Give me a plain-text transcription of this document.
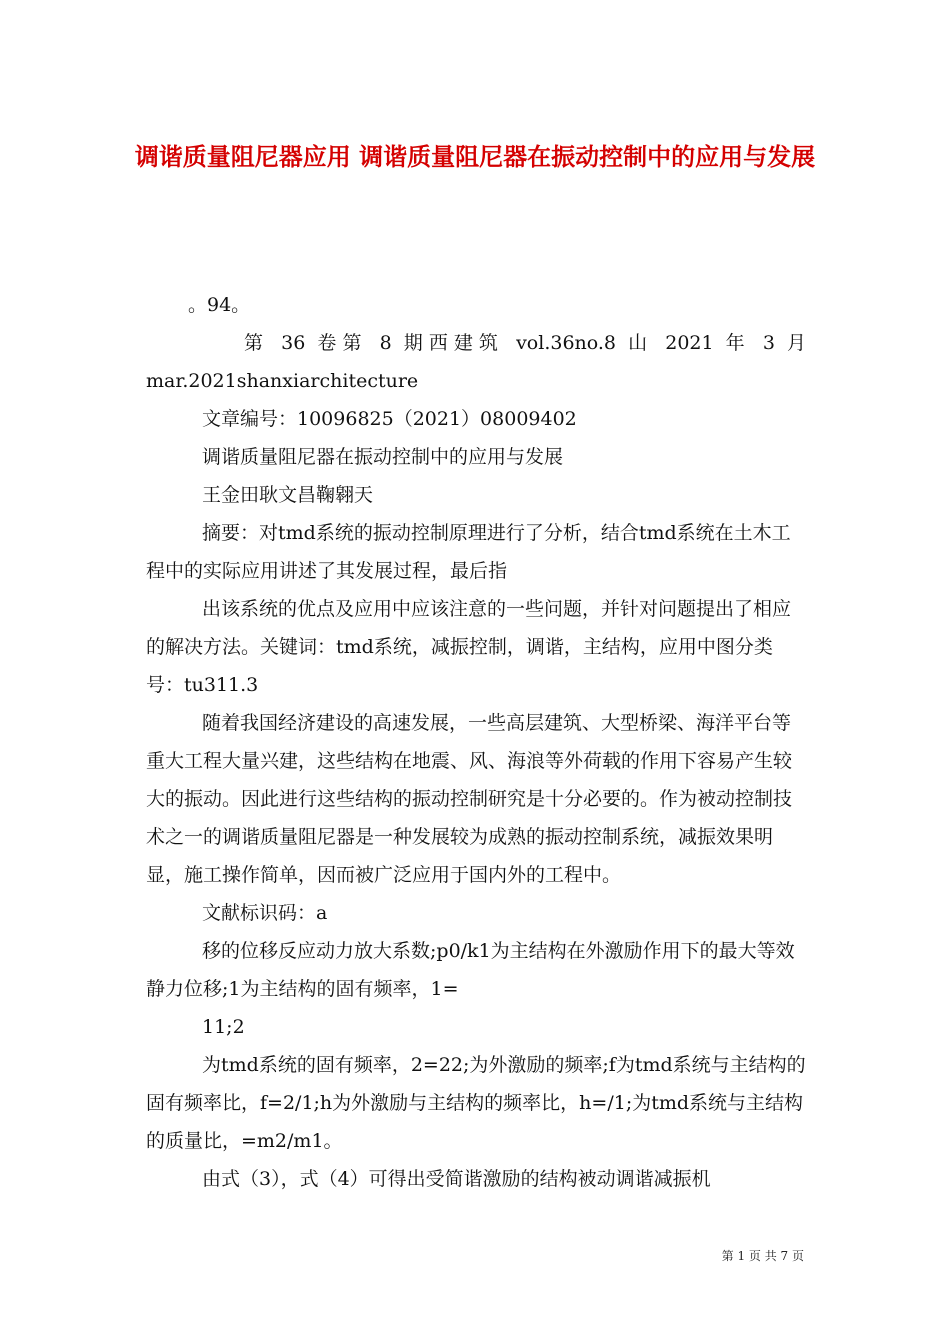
调谐质量阻尼器应用 调谐质量阻尼器在振动控制中的应用与发展

。94。

第 36 卷第 8 期西建筑 vol.36no.8 山 2021 年 3 月

mar.2021shanxiarchitecture

文章编号：10096825（2021）08009402

调谐质量阻尼器在振动控制中的应用与发展

王金田耿文昌鞠翱天

摘要：对tmd系统的振动控制原理进行了分析，结合tmd系统在土木工程中的实际应用讲述了其发展过程，最后指

出该系统的优点及应用中应该注意的一些问题，并针对问题提出了相应的解决方法。关键词：tmd系统，减振控制，调谐，主结构，应用中图分类号：tu311.3

随着我国经济建设的高速发展，一些高层建筑、大型桥梁、海洋平台等重大工程大量兴建，这些结构在地震、风、海浪等外荷载的作用下容易产生较大的振动。因此进行这些结构的振动控制研究是十分必要的。作为被动控制技术之一的调谐质量阻尼器是一种发展较为成熟的振动控制系统，减振效果明显，施工操作简单，因而被广泛应用于国内外的工程中。

文献标识码：a

移的位移反应动力放大系数;p0/k1为主结构在外激励作用下的最大等效静力位移;1为主结构的固有频率，1=

11;2

为tmd系统的固有频率，2=22;为外激励的频率;f为tmd系统与主结构的固有频率比，f=2/1;h为外激励与主结构的频率比，h=/1;为tmd系统与主结构的质量比，=m2/m1。

由式（3），式（4）可得出受简谐激励的结构被动调谐减振机

第 1 页 共 7 页
